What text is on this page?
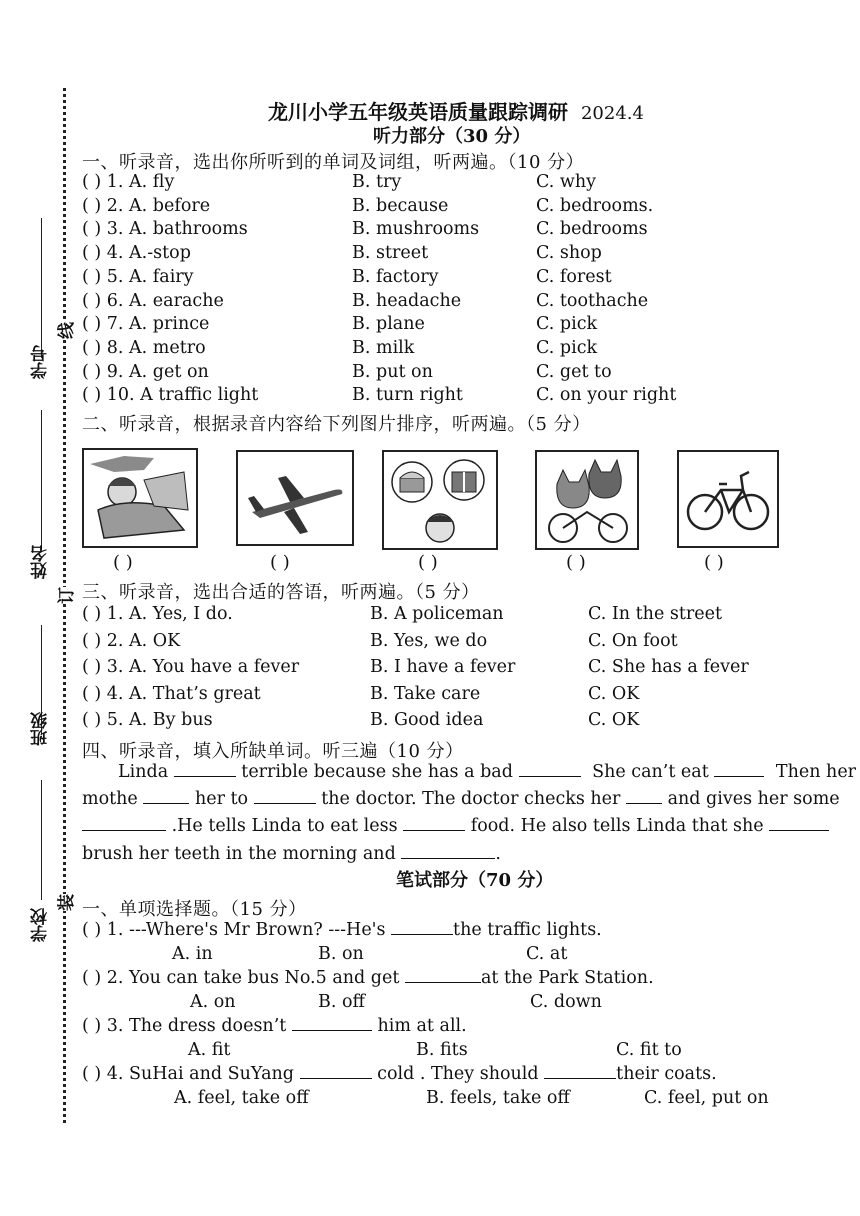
学号
姓名
班级
学校
线
订
装
龙川小学五年级英语质量跟踪调研 2024.4
听力部分（30 分）
一、听录音，选出你所听到的单词及词组，听两遍。（10 分）
( ) 1. A. fly	B. try	C. why
( ) 2. A. before	B. because	C. bedrooms.
( ) 3. A. bathrooms	B. mushrooms	C. bedrooms
( ) 4. A.-stop	B. street	C. shop
( ) 5. A. fairy	B. factory	C. forest
( ) 6. A. earache	B. headache	C. toothache
( ) 7. A. prince	B. plane	C. pick
( ) 8. A. metro	B. milk	C. pick
( ) 9. A. get on	B. put on	C. get to
( ) 10. A traffic light	B. turn right	C. on your right
二、听录音，根据录音内容给下列图片排序，听两遍。（5 分）
( )	( )	( )	( )	( )
三、听录音，选出合适的答语，听两遍。（5 分）
( ) 1. A. Yes, I do.	B. A policeman	C. In the street
( ) 2. A. OK	B. Yes, we do	C. On foot
( ) 3. A. You have a fever	B. I have a fever	C. She has a fever
( ) 4. A. That’s great	B. Take care	C. OK
( ) 5. A. By bus	B. Good idea	C. OK
四、听录音，填入所缺单词。听三遍（10 分）
Linda	terrible because she has a bad	She can’t eat	Then her
mothe	her to	the doctor. The doctor checks her	and gives her some
.He tells Linda to eat less	food. He also tells Linda that she
brush her teeth in the morning and	.
笔试部分（70 分）
一、单项选择题。（15 分）
( ) 1. ---Where's Mr Brown? ---He's	the traffic lights.
A. in	B. on	C. at
( ) 2. You can take bus No.5 and get	at the Park Station.
A. on	B. off	C. down
( ) 3. The dress doesn’t	him at all.
A. fit	B. fits	C. fit to
( ) 4. SuHai and SuYang	cold . They should	their coats.
A. feel, take off	B. feels, take off	C. feel, put on
